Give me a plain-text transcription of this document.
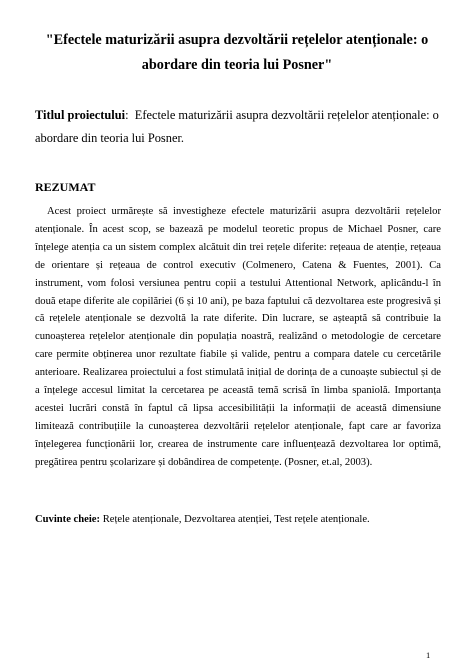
"Efectele maturizării asupra dezvoltării rețelelor atenționale: o abordare din teoria lui Posner"

Titlul proiectului: Efectele maturizării asupra dezvoltării rețelelor atenționale: o abordare din teoria lui Posner.

REZUMAT

Acest proiect urmărește să investigheze efectele maturizării asupra dezvoltării rețelelor atenționale. În acest scop, se bazează pe modelul teoretic propus de Michael Posner, care înțelege atenția ca un sistem complex alcătuit din trei rețele diferite: rețeaua de atenție, rețeaua de orientare și rețeaua de control executiv (Colmenero, Catena & Fuentes, 2001). Ca instrument, vom folosi versiunea pentru copii a testului Attentional Network, aplicându-l în două etape diferite ale copilăriei (6 și 10 ani), pe baza faptului că dezvoltarea este progresivă și că rețelele atenționale se dezvoltă la rate diferite. Din lucrare, se așteaptă să contribuie la cunoașterea rețelelor atenționale din populația noastră, realizând o metodologie de cercetare care permite obținerea unor rezultate fiabile și valide, pentru a compara datele cu cercetările anterioare. Realizarea proiectului a fost stimulată inițial de dorința de a cunoaște subiectul și de a înțelege accesul limitat la cercetarea pe această temă scrisă în limba spaniolă. Importanța acestei lucrări constă în faptul că lipsa accesibilității la informații de această dimensiune limitează contribuțiile la cunoașterea dezvoltării rețelelor atenționale, fapt care ar favoriza înțelegerea funcționării lor, crearea de instrumente care influențează dezvoltarea lor optimă, pregătirea pentru școlarizare și dobândirea de competențe. (Posner, et.al, 2003).

Cuvinte cheie: Rețele atenționale, Dezvoltarea atenției, Test rețele atenționale.

1
